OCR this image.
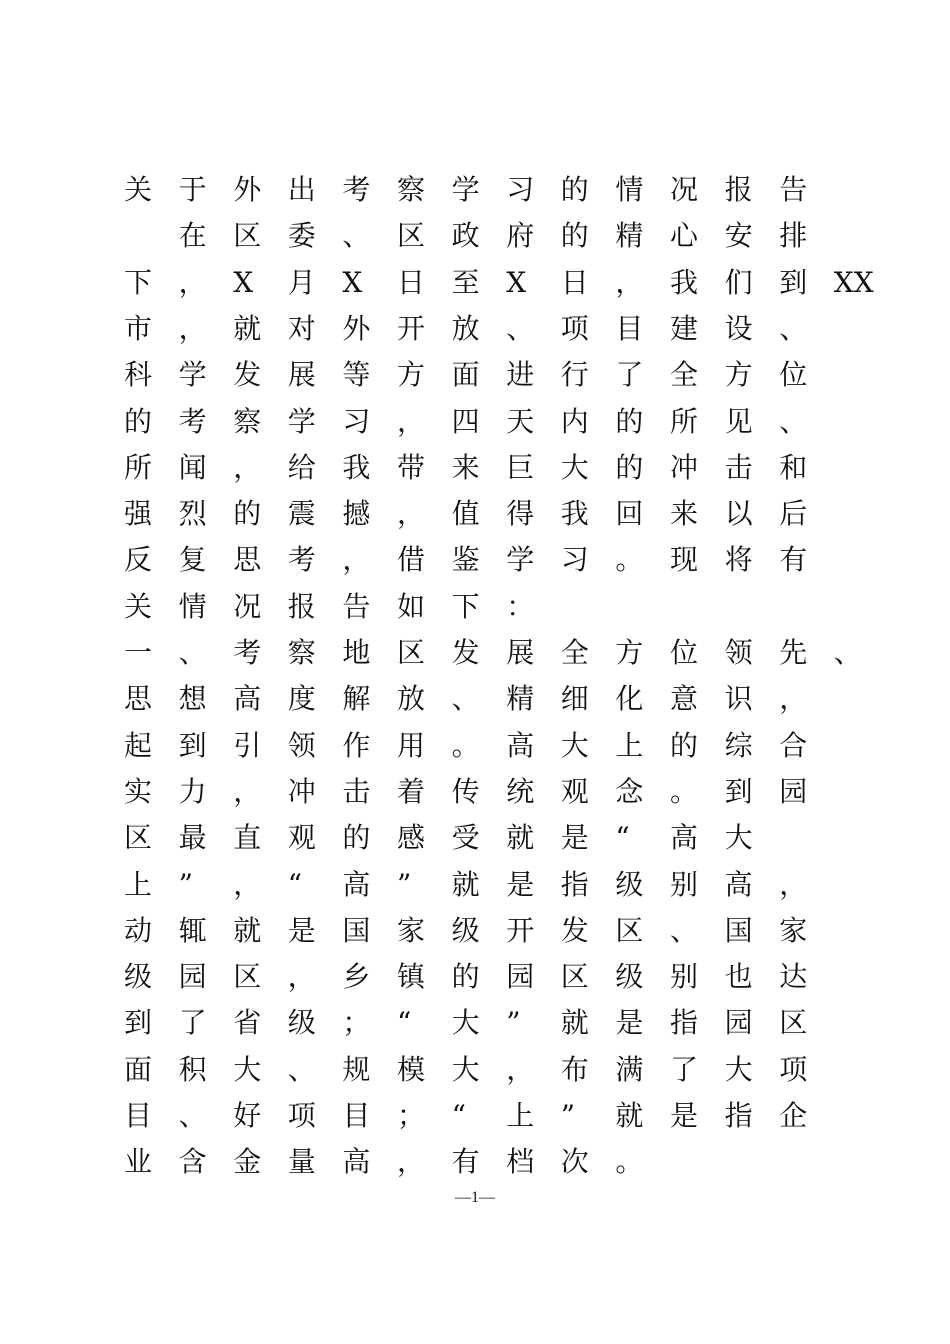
关 于 外 出 考 察 学 习 的 情 况 报 告

在 区 委 、 区 政 府 的 精 心 安 排
下 ， X	月 X	日 至 X	日 ， 我 们 到 XX
市 ， 就 对 外 开 放 、 项 目 建 设 、
科 学 发 展 等 方 面 进 行 了 全 方 位
的 考 察 学 习 ， 四 天 内 的 所 见 、
所 闻 ， 给 我 带 来 巨 大 的 冲 击 和
强 烈 的 震 撼 ， 值 得 我 回 来 以 后
反 复 思 考 ， 借 鉴 学 习 。 现 将 有
关 情 况 报 告 如 下 ：
一 、 考 察 地 区 发 展 全 方 位 领 先 、
思 想 高 度 解 放 、 精 细 化 意 识 ，
起 到 引 领 作 用 。 高 大 上 的 综 合
实 力 ， 冲 击 着 传 统 观 念 。 到 园
区 最 直 观 的 感 受 就 是 “	高 大
上 ”	， “	高 ”	就 是 指 级 别 高 ，
动 辄 就 是 国 家 级 开 发 区 、 国 家
级 园 区 ， 乡 镇 的 园 区 级 别 也 达
到 了 省 级 ； “	大 ”	就 是 指 园 区
面 积 大 、 规 模 大 ， 布 满 了 大 项
目 、 好 项 目 ； “	上 ”	就 是 指 企
业 含 金 量 高 ， 有 档 次 。
—1—
